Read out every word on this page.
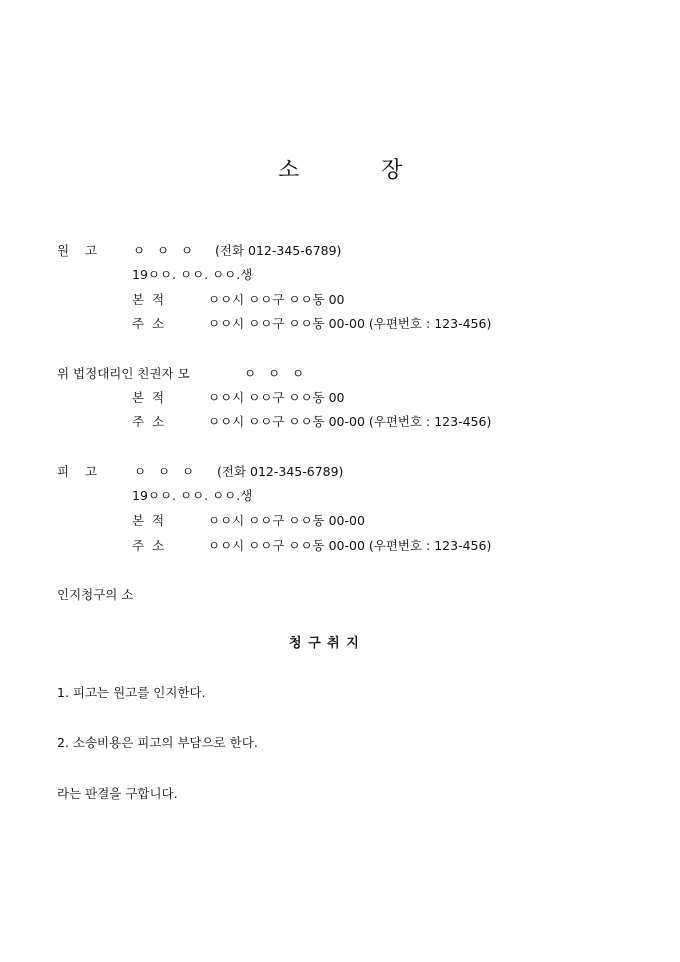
소	장
원    고	ㅇ   ㅇ   ㅇ (전화 012-345-6789)
19ㅇㅇ. ㅇㅇ. ㅇㅇ.생
본  적	ㅇㅇ시 ㅇㅇ구 ㅇㅇ동 00
주  소	ㅇㅇ시 ㅇㅇ구 ㅇㅇ동 00-00 (우편번호 : 123-456)
위 법정대리인 친권자 모	ㅇ   ㅇ   ㅇ
본  적	ㅇㅇ시 ㅇㅇ구 ㅇㅇ동 00
주  소	ㅇㅇ시 ㅇㅇ구 ㅇㅇ동 00-00 (우편번호 : 123-456)
피    고	ㅇ   ㅇ   ㅇ (전화 012-345-6789)
19ㅇㅇ. ㅇㅇ. ㅇㅇ.생
본  적	ㅇㅇ시 ㅇㅇ구 ㅇㅇ동 00-00
주  소	ㅇㅇ시 ㅇㅇ구 ㅇㅇ동 00-00 (우편번호 : 123-456)
인지청구의 소
청 구 취 지
1. 피고는 원고를 인지한다.
2. 소송비용은 피고의 부담으로 한다.
라는 판결을 구합니다.
